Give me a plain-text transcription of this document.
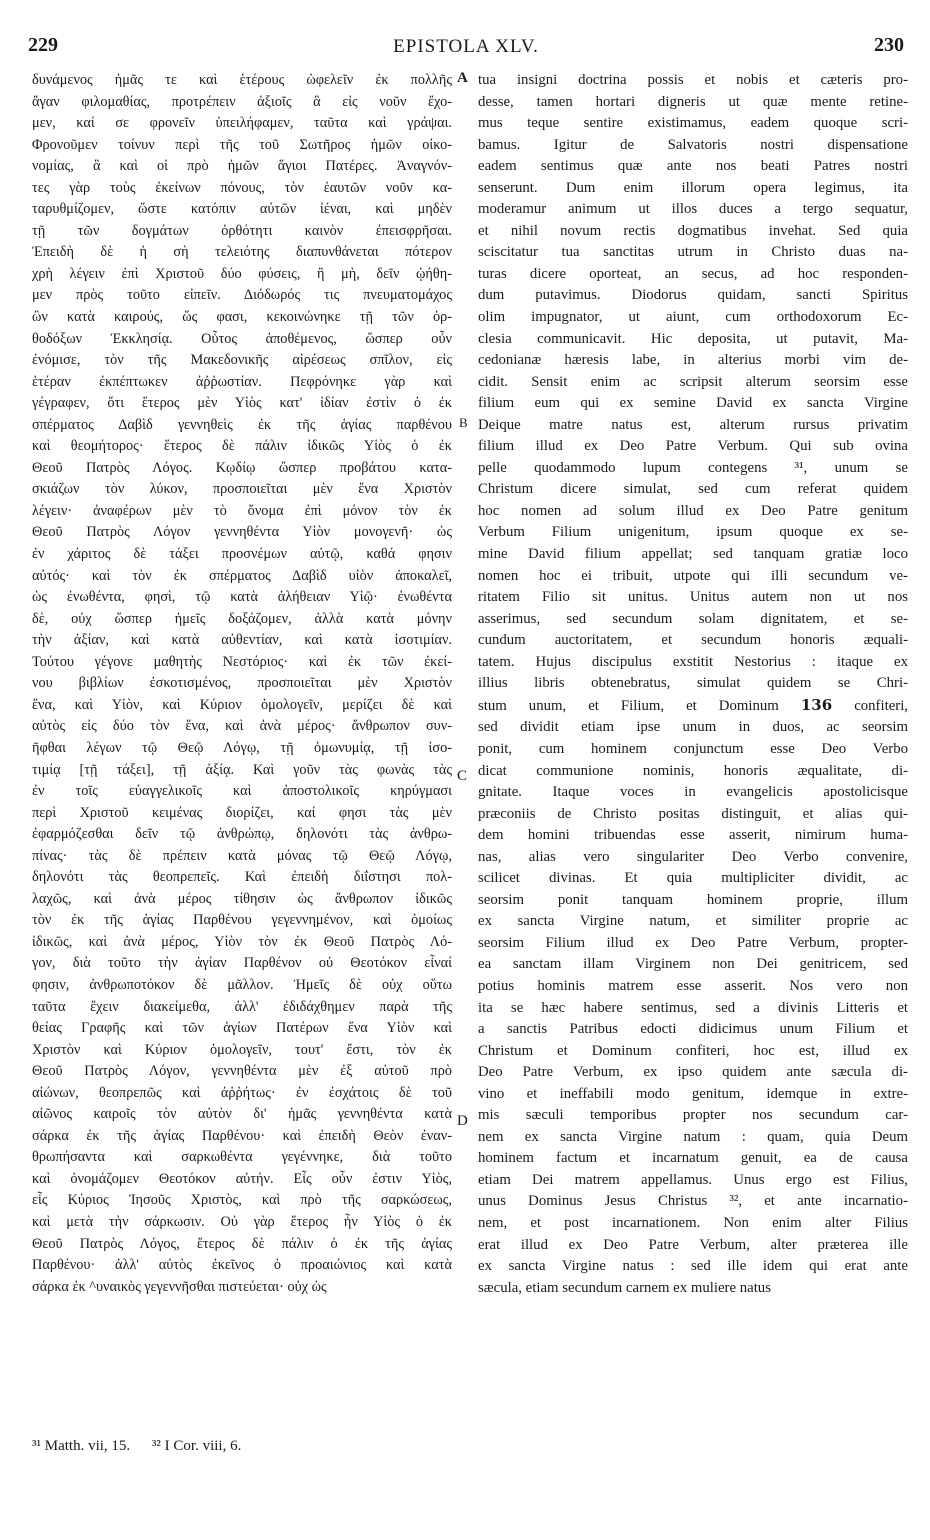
229	EPISTOLA XLV.	230
δυνάμενος ἡμᾶς τε καὶ ἑτέρους ὠφελεῖν ἐκ πολλῆς
ἄγαν φιλομαθίας, προτρέπειν ἀξιοῖς ἃ εἰς νοῦν ἔχο-
μεν, καί σε φρονεῖν ὑπειλήφαμεν, ταῦτα καὶ γράψαι.
Φρονοῦμεν τοίνυν περὶ τῆς τοῦ Σωτῆρος ἡμῶν οἰκο-
νομίας, ἃ καὶ οἱ πρὸ ἡμῶν ἅγιοι Πατέρες. Ἀναγνόν-
τες γὰρ τοὺς ἐκείνων πόνους, τὸν ἑαυτῶν νοῦν κα-
ταρυθμίζομεν, ὥστε κατόπιν αὐτῶν ἰέναι, καὶ μηδὲν
τῇ τῶν δογμάτων ὀρθότητι καινὸν ἐπεισφρῆσαι.
Ἐπειδὴ δὲ ἡ σὴ τελειότης διαπυνθάνεται πότερον
χρὴ λέγειν ἐπὶ Χριστοῦ δύο φύσεις, ἢ μὴ, δεῖν ᾠήθη-
μεν πρὸς τοῦτο εἰπεῖν. Διόδωρός τις πνευματομάχος
ὢν κατὰ καιρούς, ὥς φασι, κεκοινώνηκε τῇ τῶν ὀρ-
θοδόξων Ἐκκλησίᾳ. Οὗτος ἀποθέμενος, ὥσπερ οὖν
ἐνόμισε, τὸν τῆς Μακεδονικῆς αἱρέσεως σπῖλον, εἰς
ἑτέραν ἐκπέπτωκεν ἀῤῥωστίαν. Πεφρόνηκε γὰρ καὶ
γέγραφεν, ὅτι ἕτερος μὲν Υἱὸς κατ' ἰδίαν ἐστὶν ὁ ἐκ
σπέρματος Δαβὶδ γεννηθεὶς ἐκ τῆς ἁγίας παρθένου
καὶ θεομήτορος· ἕτερος δὲ πάλιν ἰδικῶς Υἱὸς ὁ ἐκ
Θεοῦ Πατρὸς Λόγος. Κῳδίῳ ὥσπερ προβάτου κατα-
σκιάζων τὸν λύκον, προσποιεῖται μὲν ἕνα Χριστὸν
λέγειν· ἀναφέρων μὲν τὸ ὄνομα ἐπὶ μόνον τὸν ἐκ
Θεοῦ Πατρὸς Λόγον γεννηθέντα Υἱὸν μονογενῆ· ὡς
ἐν χάριτος δὲ τάξει προσνέμων αὐτῷ, καθά φησιν
αὐτός· καὶ τὸν ἐκ σπέρματος Δαβὶδ υἱὸν ἀποκαλεῖ,
ὡς ἐνωθέντα, φησὶ, τῷ κατὰ ἀλήθειαν Υἱῷ· ἐνωθέντα
δὲ, οὐχ ὥσπερ ἡμεῖς δοξάζομεν, ἀλλὰ κατὰ μόνην
τὴν ἀξίαν, καὶ κατὰ αὐθεντίαν, καὶ κατὰ ἰσοτιμίαν.
Τούτου γέγονε μαθητὴς Νεστόριος· καὶ ἐκ τῶν ἐκεί-
νου βιβλίων ἐσκοτισμένος, προσποιεῖται μὲν Χριστὸν
ἕνα, καὶ Υἱὸν, καὶ Κύριον ὁμολογεῖν, μερίζει δὲ καὶ
αὐτὸς εἰς δύο τὸν ἕνα, καὶ ἀνὰ μέρος· ἄνθρωπον συν-
ῆφθαι λέγων τῷ Θεῷ Λόγῳ, τῇ ὁμωνυμίᾳ, τῇ ἰσο-
τιμίᾳ [τῇ τάξει], τῇ ἀξίᾳ. Καὶ γοῦν τὰς φωνὰς τὰς
ἐν τοῖς εὐαγγελικοῖς καὶ ἀποστολικοῖς κηρύγμασι
περὶ Χριστοῦ κειμένας διορίζει, καί φησι τὰς μὲν
ἐφαρμόζεσθαι δεῖν τῷ ἀνθρώπῳ, δηλονότι τὰς ἀνθρω-
πίνας· τὰς δὲ πρέπειν κατὰ μόνας τῷ Θεῷ Λόγῳ,
δηλονότι τὰς θεοπρεπεῖς. Καὶ ἐπειδὴ διΐστησι πολ-
λαχῶς, καὶ ἀνὰ μέρος τίθησιν ὡς ἄνθρωπον ἰδικῶς
τὸν ἐκ τῆς ἁγίας Παρθένου γεγεννημένον, καὶ ὁμοίως
ἰδικῶς, καὶ ἀνὰ μέρος, Υἱὸν τὸν ἐκ Θεοῦ Πατρὸς Λό-
γον, διὰ τοῦτο τὴν ἁγίαν Παρθένον οὐ Θεοτόκον εἶναί
φησιν, ἀνθρωποτόκον δὲ μᾶλλον. Ἡμεῖς δὲ οὐχ οὕτω
ταῦτα ἔχειν διακείμεθα, ἀλλ' ἐδιδάχθημεν παρὰ τῆς
θείας Γραφῆς καὶ τῶν ἁγίων Πατέρων ἕνα Υἱὸν καὶ
Χριστὸν καὶ Κύριον ὁμολογεῖν, τουτ' ἔστι, τὸν ἐκ
Θεοῦ Πατρὸς Λόγον, γεννηθέντα μὲν ἐξ αὐτοῦ πρὸ
αἰώνων, θεοπρεπῶς καὶ ἀῤῥήτως· ἐν ἐσχάτοις δὲ τοῦ
αἰῶνος καιροῖς τὸν αὐτὸν δι' ἡμᾶς γεννηθέντα κατὰ
σάρκα ἐκ τῆς ἁγίας Παρθένου· καὶ ἐπειδὴ Θεὸν ἐναν-
θρωπήσαντα καὶ σαρκωθέντα γεγέννηκε, διὰ τοῦτο
καὶ ὀνομάζομεν Θεοτόκον αὐτήν. Εἷς οὖν ἐστιν Υἱὸς,
εἷς Κύριος Ἰησοῦς Χριστὸς, καὶ πρὸ τῆς σαρκώσεως,
καὶ μετὰ τὴν σάρκωσιν. Οὐ γὰρ ἕτερος ἦν Υἱὸς ὁ ἐκ
Θεοῦ Πατρὸς Λόγος, ἕτερος δὲ πάλιν ὁ ἐκ τῆς ἁγίας
Παρθένου· ἀλλ' αὐτὸς ἐκεῖνος ὁ προαιώνιος καὶ κατὰ
σάρκα ἐκ ^υναικὸς γεγεννῆσθαι πιστεύεται· οὐχ ὡς
A
B
C
D
tua insigni doctrina possis et nobis et cæteris pro-
desse, tamen hortari digneris ut quæ mente retine-
mus teque sentire existimamus, eadem quoque scri-
bamus. Igitur de Salvatoris nostri dispensatione
eadem sentimus quæ ante nos beati Patres nostri
senserunt. Dum enim illorum opera legimus, ita
moderamur animum ut illos duces a tergo sequatur,
et nihil novum rectis dogmatibus invehat. Sed quia
sciscitatur tua sanctitas utrum in Christo duas na-
turas dicere oporteat, an secus, ad hoc responden-
dum putavimus. Diodorus quidam, sancti Spiritus
olim impugnator, ut aiunt, cum orthodoxorum Ec-
clesia communicavit. Hic deposita, ut putavit, Ma-
cedonianæ hæresis labe, in alterius morbi vim de-
cidit. Sensit enim ac scripsit alterum seorsim esse
filium eum qui ex semine David ex sancta Virgine
Deique matre natus est, alterum rursus privatim
filium illud ex Deo Patre Verbum. Qui sub ovina
pelle quodammodo lupum contegens ³¹, unum se
Christum dicere simulat, sed cum referat quidem
hoc nomen ad solum illud ex Deo Patre genitum
Verbum Filium unigenitum, ipsum quoque ex se-
mine David filium appellat; sed tanquam gratiæ loco
nomen hoc ei tribuit, utpote qui illi secundum ve-
ritatem Filio sit unitus. Unitus autem non ut nos
asserimus, sed secundum solam dignitatem, et se-
cundum auctoritatem, et secundum honoris æquali-
tatem. Hujus discipulus exstitit Nestorius : itaque ex
illius libris obtenebratus, simulat quidem se Chri-
stum unum, et Filium, et Dominum 136 confiteri,
sed dividit etiam ipse unum in duos, ac seorsim
ponit, cum hominem conjunctum esse Deo Verbo
dicat communione nominis, honoris æqualitate, di-
gnitate. Itaque voces in evangelicis apostolicisque
præconiis de Christo positas distinguit, et alias qui-
dem homini tribuendas esse asserit, nimirum huma-
nas, alias vero singulariter Deo Verbo convenire,
scilicet divinas. Et quia multipliciter dividit, ac
seorsim ponit tanquam hominem proprie, illum
ex sancta Virgine natum, et similiter proprie ac
seorsim Filium illud ex Deo Patre Verbum, propter-
ea sanctam illam Virginem non Dei genitricem, sed
potius hominis matrem esse asserit. Nos vero non
ita se hæc habere sentimus, sed a divinis Litteris et
a sanctis Patribus edocti didicimus unum Filium et
Christum et Dominum confiteri, hoc est, illud ex
Deo Patre Verbum, ex ipso quidem ante sæcula di-
vino et ineffabili modo genitum, idemque in extre-
mis sæculi temporibus propter nos secundum car-
nem ex sancta Virgine natum : quam, quia Deum
hominem factum et incarnatum genuit, ea de causa
etiam Dei matrem appellamus. Unus ergo est Filius,
unus Dominus Jesus Christus ³², et ante incarnatio-
nem, et post incarnationem. Non enim alter Filius
erat illud ex Deo Patre Verbum, alter præterea ille
ex sancta Virgine natus : sed ille idem qui erat ante
sæcula, etiam secundum carnem ex muliere natus
³¹ Matth. vii, 15. ³² I Cor. viii, 6.
